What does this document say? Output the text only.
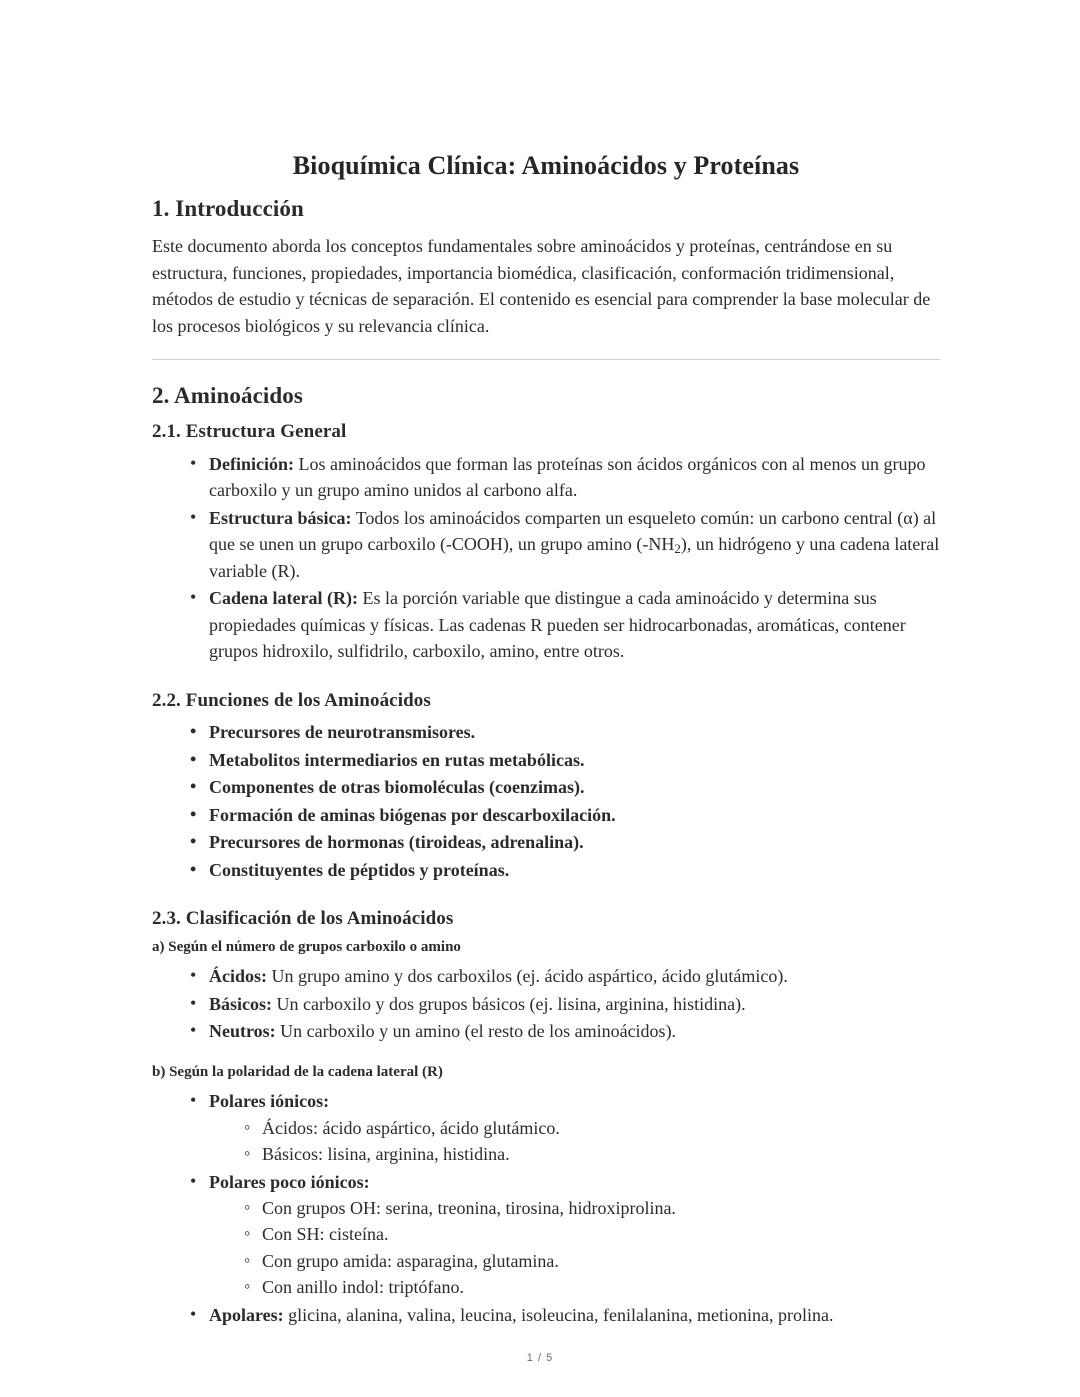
Bioquímica Clínica: Aminoácidos y Proteínas
1. Introducción

Este documento aborda los conceptos fundamentales sobre aminoácidos y proteínas, centrándose en su estructura, funciones, propiedades, importancia biomédica, clasificación, conformación tridimensional, métodos de estudio y técnicas de separación. El contenido es esencial para comprender la base molecular de los procesos biológicos y su relevancia clínica.

2. Aminoácidos
2.1. Estructura General
• Definición: Los aminoácidos que forman las proteínas son ácidos orgánicos con al menos un grupo carboxilo y un grupo amino unidos al carbono alfa.
• Estructura básica: Todos los aminoácidos comparten un esqueleto común: un carbono central (α) al que se unen un grupo carboxilo (-COOH), un grupo amino $(-NH_2)$, un hidrógeno y una cadena lateral variable (R).
• Cadena lateral (R): Es la porción variable que distingue a cada aminoácido y determina sus propiedades químicas y físicas. Las cadenas R pueden ser hidrocarbonadas, aromáticas, contener grupos hidroxilo, sulfidrilo, carboxilo, amino, entre otros.
2.2. Funciones de los Aminoácidos
• Precursores de neurotransmisores.
• Metabolitos intermediarios en rutas metabólicas.
• Componentes de otras biomoléculas (coenzimas).
• Formación de aminas biógenas por descarboxilación.
• Precursores de hormonas (tiroideas, adrenalina).
• Constituyentes de péptidos y proteínas.
2.3. Clasificación de los Aminoácidos
a) Según el número de grupos carboxilo o amino
• Ácidos: Un grupo amino y dos carboxilos (ej. ácido aspártico, ácido glutámico).
• Básicos: Un carboxilo y dos grupos básicos (ej. lisina, arginina, histidina).
• Neutros: Un carboxilo y un amino (el resto de los aminoácidos).
b) Según la polaridad de la cadena lateral (R)
• Polares iónicos:
◦ Ácidos: ácido aspártico, ácido glutámico.
◦ Básicos: lisina, arginina, histidina.
• Polares poco iónicos:
◦ Con grupos OH: serina, treonina, tirosina, hidroxiprolina.
◦ Con SH: cisteína.
◦ Con grupo amida: asparagina, glutamina.
◦ Con anillo indol: triptófano.
• Apolares: glicina, alanina, valina, leucina, isoleucina, fenilalanina, metionina, prolina.
1 / 5
